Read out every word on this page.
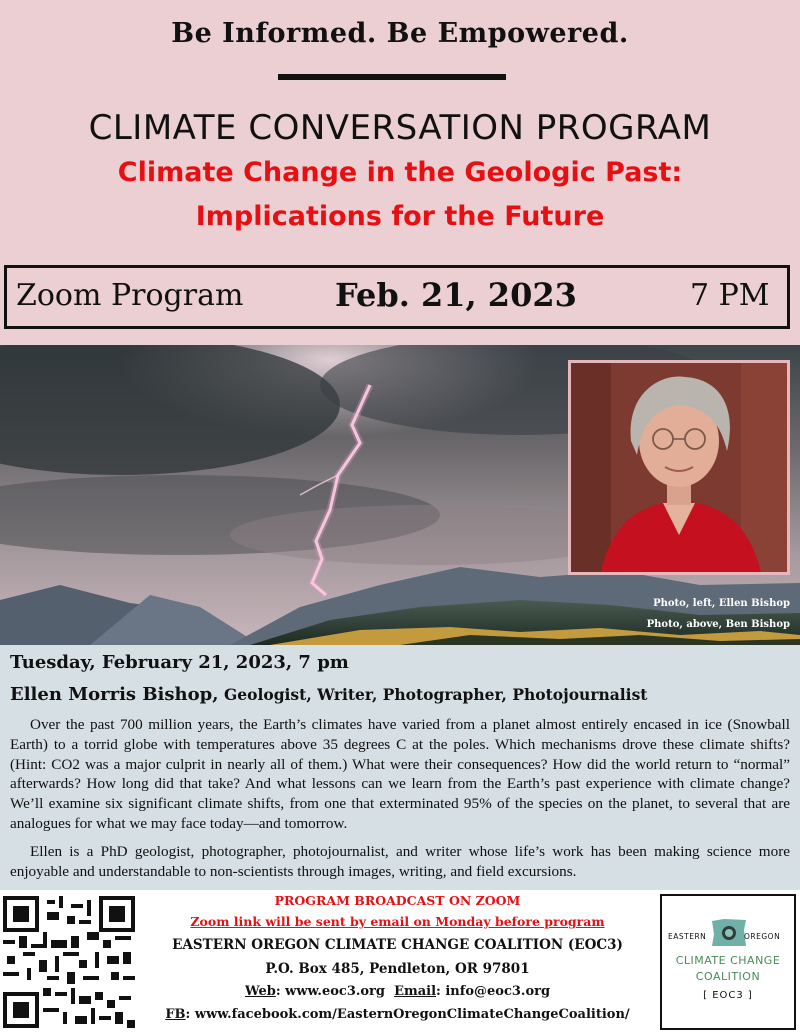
Be Informed. Be Empowered.
CLIMATE CONVERSATION PROGRAM
Climate Change in the Geologic Past:
Implications for the Future
Zoom Program	Feb. 21, 2023	7 PM
Photo, left, Ellen Bishop
Photo, above, Ben Bishop
Tuesday, February 21, 2023, 7 pm
Ellen Morris Bishop, Geologist, Writer, Photographer, Photojournalist

Over the past 700 million years, the Earth’s climates have varied from a planet almost entirely encased in ice (Snowball Earth) to a torrid globe with temperatures above 35 degrees C at the poles. Which mechanisms drove these climate shifts? (Hint: CO2 was a major culprit in nearly all of them.) What were their consequences? How did the world return to “normal” afterwards? How long did that take? And what lessons can we learn from the Earth’s past experience with climate change? We’ll examine six significant climate shifts, from one that exterminated 95% of the species on the planet, to several that are analogues for what we may face today—and tomorrow.

Ellen is a PhD geologist, photographer, photojournalist, and writer whose life’s work has been making science more enjoyable and understandable to non-scientists through images, writing, and field excursions.

PROGRAM BROADCAST ON ZOOM
Zoom link will be sent by email on Monday before program
EASTERN OREGON CLIMATE CHANGE COALITION (EOC3)
P.O. Box 485, Pendleton, OR 97801
Web: www.eoc3.org Email: info@eoc3.org
FB: www.facebook.com/EasternOregonClimateChangeCoalition/
EASTERN	OREGON
CLIMATE CHANGE
COALITION
[ EOC3 ]
